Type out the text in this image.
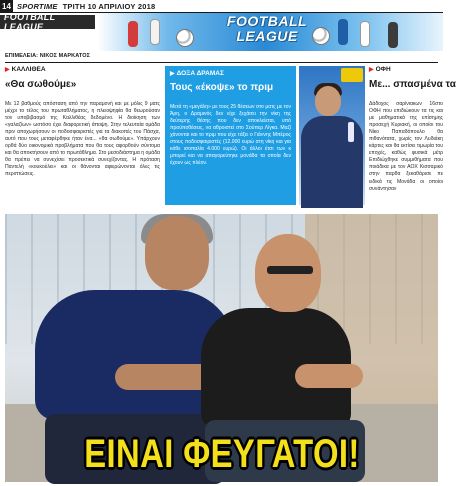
14 SPORTIME ΤΡΙΤΗ 10 ΑΠΡΙΛΙΟΥ 2018
FOOTBALL LEAGUE	FOOTBALL
LEAGUE
ΕΠΙΜΕΛΕΙΑ: ΝΙΚΟΣ ΜΑΡΚΑΤΟΣ
▶ ΚΑΛΛΙΘΕΑ
«Θα σωθούμε»
Με 12 βαθμούς απόσταση από την παραμονή και με μόλις 9 ματς μέχρι το τέλος του πρωταθλήματος, η πλειοψηφία θα θεωρούσαν τον υποβιβασμό της Καλλιθέας δεδομένο. Η διοίκηση των «γαλαζίων» ωστόσο έχει διαφορετική άποψη. Στην τελευταία ομάδα πριν αποχωρήσουν οι ποδοσφαιριστές για τα διακοπές του Πάσχα, αυτό που τους μεταφέρθηκε ήταν ένα... «θα σωθούμε». Υπάρχουν ορθά δύο οικονομικά προβλήματα που θα τους αφορθούν σύντομα και θα αποκτήσουν από το πρωτάθλημα. Στο μεσοδιάστημα η ομάδα θα πρέπει να συνεχίσει προσεκτικά συνεχίζοντας. Η πρόταση Παντελή «κουκούλει» και οι θάνονται αφιερώνονται όλες τις περιπτώσεις.
▶ ΔΟΞΑ ΔΡΑΜΑΣ
Τους «έκοψε» το πριμ
Μετά τη «μεγάλη» με τους 25 θέσεων στο ματς με τον Άρη, ο Δραμινός δεν είχε ξεχάσει την νίκη της δεύτερης θέσης που δεν αποκλείεται, υπό προϋποθέσεις, να αθροιστεί στο Σούπερ Λίγκα. Μαζί χάνονται και το πριμ που είχε τάξει ο Γιάννης Μπέρος στους ποδοσφαιριστές (12.000 ευρώ στη νίκη και για κάθε ισοπαλία 4.000 ευρώ). Οι άλλοι έτσι των κ μπορεί και να απαγορεύτηκε μονάδα τα οποία δεν έχουν ως πλέον.
▶ ΟΦΗ
Με... σπασμένα τα
Δάδοχος σαρίνιακων 16στο ΟΦΗ που επιδιώκουν τα τις και με μαθηματικά της επίσημης προσεχή Κυριακή, οι οποίοι του Νίκο Παπαδόπουλο θα πιθανότατα, χωρίς τον Λυδιάκη κάρτες και θα εκτίσει τιμωρία του εποχές, καθώς φυσικά μέτρ Επιδιώχθηκε συμμιθήματα που ποιάδικα με τον ΑΟΧ Κισσαμικό στην παρθα ξεκαθάρισε πε ειδικά τις Μονάδα οι οποίοι συνάντησαν
ΕΙΝΑΙ ΦΕΥΓΑΤΟΙ!
